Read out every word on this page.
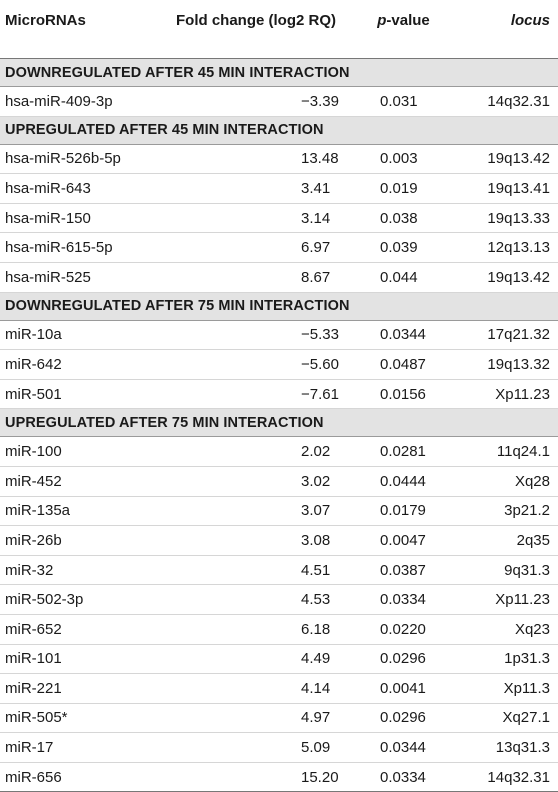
MicroRNAs	Fold change (log2 RQ)	p-value	locus
DOWNREGULATED AFTER 45 MIN INTERACTION			
hsa-miR-409-3p	−3.39	0.031	14q32.31
UPREGULATED AFTER 45 MIN INTERACTION			
hsa-miR-526b-5p	13.48	0.003	19q13.42
hsa-miR-643	3.41	0.019	19q13.41
hsa-miR-150	3.14	0.038	19q13.33
hsa-miR-615-5p	6.97	0.039	12q13.13
hsa-miR-525	8.67	0.044	19q13.42
DOWNREGULATED AFTER 75 MIN INTERACTION			
miR-10a	−5.33	0.0344	17q21.32
miR-642	−5.60	0.0487	19q13.32
miR-501	−7.61	0.0156	Xp11.23
UPREGULATED AFTER 75 MIN INTERACTION			
miR-100	2.02	0.0281	11q24.1
miR-452	3.02	0.0444	Xq28
miR-135a	3.07	0.0179	3p21.2
miR-26b	3.08	0.0047	2q35
miR-32	4.51	0.0387	9q31.3
miR-502-3p	4.53	0.0334	Xp11.23
miR-652	6.18	0.0220	Xq23
miR-101	4.49	0.0296	1p31.3
miR-221	4.14	0.0041	Xp11.3
miR-505*	4.97	0.0296	Xq27.1
miR-17	5.09	0.0344	13q31.3
miR-656	15.20	0.0334	14q32.31
